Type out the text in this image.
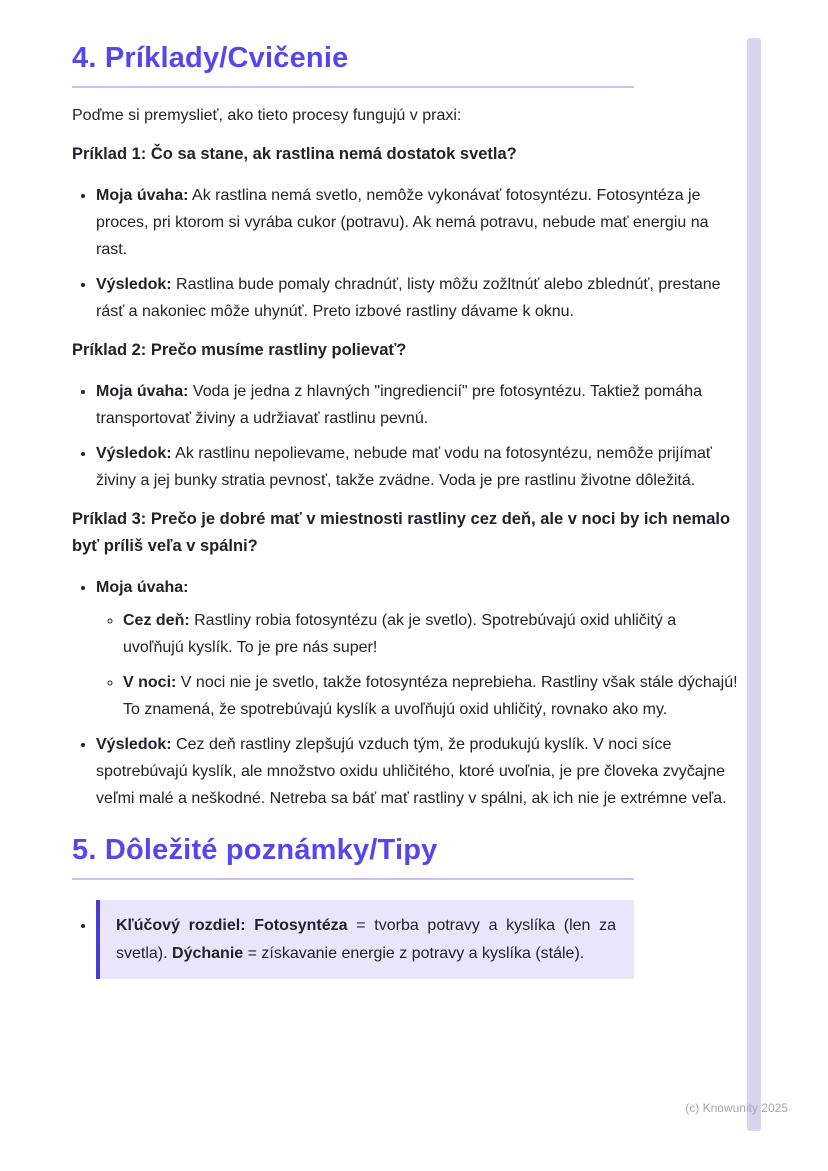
4. Príklady/Cvičenie

Poďme si premyslieť, ako tieto procesy fungujú v praxi:

Príklad 1: Čo sa stane, ak rastlina nemá dostatok svetla?
• Moja úvaha: Ak rastlina nemá svetlo, nemôže vykonávať fotosyntézu. Fotosyntéza je proces, pri ktorom si vyrába cukor (potravu). Ak nemá potravu, nebude mať energiu na rast.
• Výsledok: Rastlina bude pomaly chradnúť, listy môžu zožltnúť alebo zblednúť, prestane rásť a nakoniec môže uhynúť. Preto izbové rastliny dávame k oknu.
Príklad 2: Prečo musíme rastliny polievať?
• Moja úvaha: Voda je jedna z hlavných "ingrediencií" pre fotosyntézu. Taktiež pomáha transportovať živiny a udržiavať rastlinu pevnú.
• Výsledok: Ak rastlinu nepolievame, nebude mať vodu na fotosyntézu, nemôže prijímať živiny a jej bunky stratia pevnosť, takže zvädne. Voda je pre rastlinu životne dôležitá.
Príklad 3: Prečo je dobré mať v miestnosti rastliny cez deň, ale v noci by ich nemalo byť príliš veľa v spálni?
• Moja úvaha:
◦ Cez deň: Rastliny robia fotosyntézu (ak je svetlo). Spotrebúvajú oxid uhličitý a uvoľňujú kyslík. To je pre nás super!
◦ V noci: V noci nie je svetlo, takže fotosyntéza neprebieha. Rastliny však stále dýchajú! To znamená, že spotrebúvajú kyslík a uvoľňujú oxid uhličitý, rovnako ako my.
• Výsledok: Cez deň rastliny zlepšujú vzduch tým, že produkujú kyslík. V noci síce spotrebúvajú kyslík, ale množstvo oxidu uhličitého, ktoré uvoľnia, je pre človeka zvyčajne veľmi malé a neškodné. Netreba sa báť mať rastliny v spálni, ak ich nie je extrémne veľa.
5. Dôležité poznámky/Tipy
• Kľúčový rozdiel: Fotosyntéza = tvorba potravy a kyslíka (len za svetla). Dýchanie = získavanie energie z potravy a kyslíka (stále).
(c) Knowunity 2025
